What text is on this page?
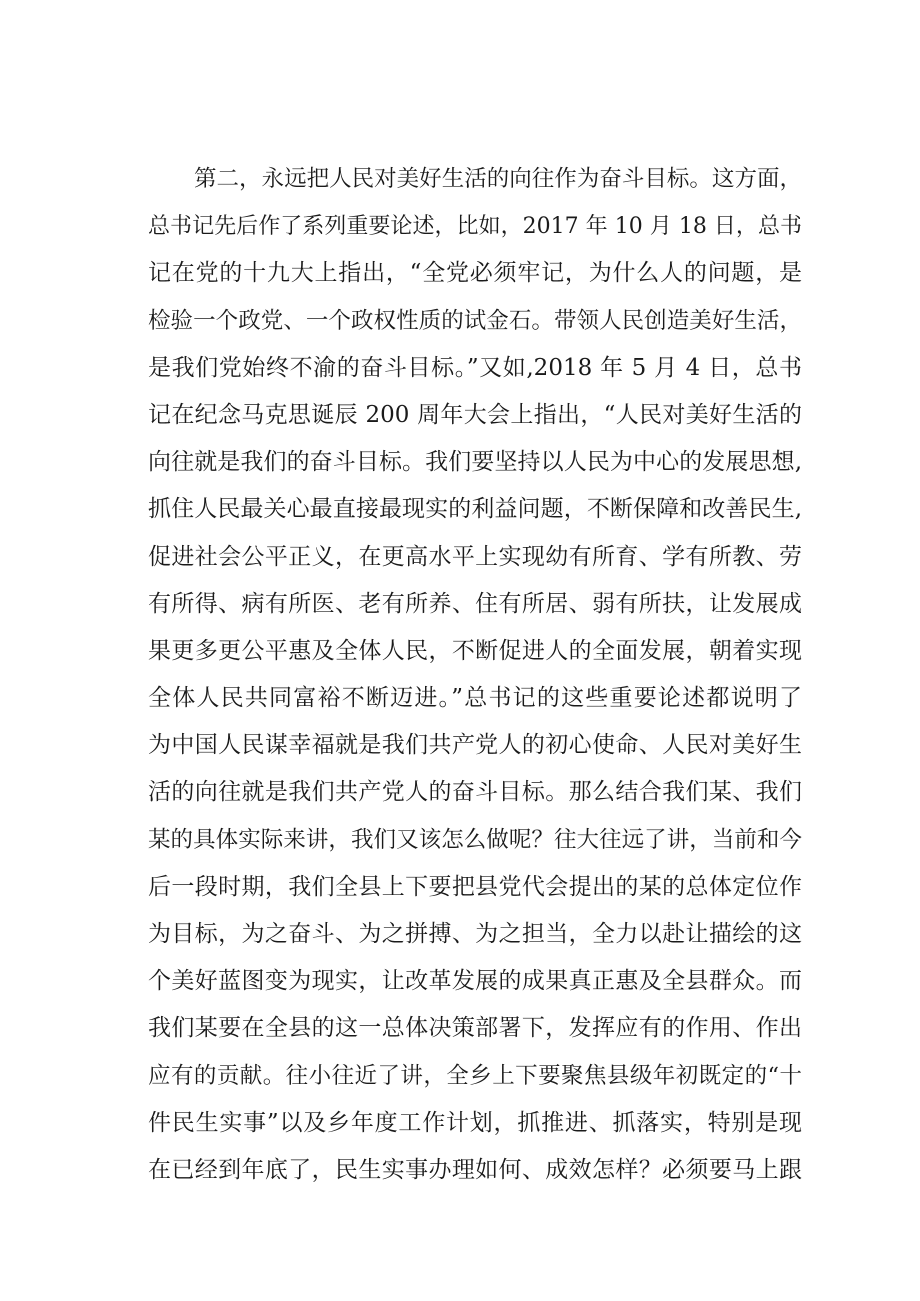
第二，永远把人民对美好生活的向往作为奋斗目标。这方面，
总书记先后作了系列重要论述，比如，2017 年 10 月 18 日，总书
记在党的十九大上指出，“全党必须牢记，为什么人的问题，是
检验一个政党、一个政权性质的试金石。带领人民创造美好生活，
是我们党始终不渝的奋斗目标。”又如,2018 年 5 月 4 日，总书
记在纪念马克思诞辰 200 周年大会上指出，“人民对美好生活的
向往就是我们的奋斗目标。我们要坚持以人民为中心的发展思想,
抓住人民最关心最直接最现实的利益问题，不断保障和改善民生,
促进社会公平正义，在更高水平上实现幼有所育、学有所教、劳
有所得、病有所医、老有所养、住有所居、弱有所扶，让发展成
果更多更公平惠及全体人民，不断促进人的全面发展，朝着实现
全体人民共同富裕不断迈进。”总书记的这些重要论述都说明了
为中国人民谋幸福就是我们共产党人的初心使命、人民对美好生
活的向往就是我们共产党人的奋斗目标。那么结合我们某、我们
某的具体实际来讲，我们又该怎么做呢？往大往远了讲，当前和今
后一段时期，我们全县上下要把县党代会提出的某的总体定位作
为目标，为之奋斗、为之拼搏、为之担当，全力以赴让描绘的这
个美好蓝图变为现实，让改革发展的成果真正惠及全县群众。而
我们某要在全县的这一总体决策部署下，发挥应有的作用、作出
应有的贡献。往小往近了讲，全乡上下要聚焦县级年初既定的“十
件民生实事”以及乡年度工作计划，抓推进、抓落实，特别是现
在已经到年底了，民生实事办理如何、成效怎样？必须要马上跟
